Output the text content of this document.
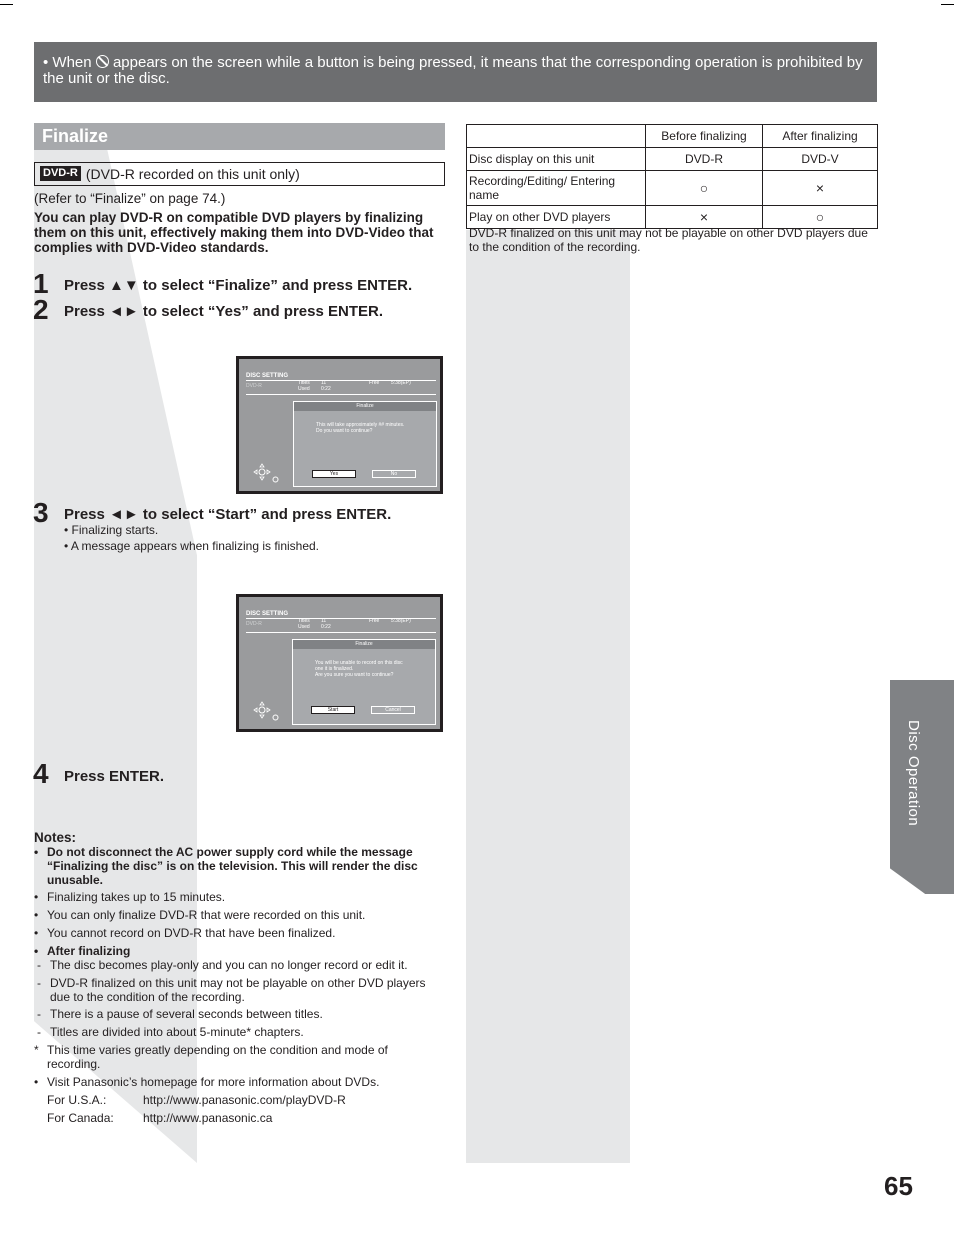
• When  appears on the screen while a button is being pressed, it means that the corresponding operation is prohibited by the unit or the disc.
Finalize
DVD-R (DVD-R recorded on this unit only)
(Refer to “Finalize” on page 74.)
You can play DVD-R on compatible DVD players by finalizing them on this unit, effectively making them into DVD-Video that complies with DVD-Video standards.
1 Press ▲▼ to select “Finalize” and press ENTER.
2 Press ◄► to select “Yes” and press ENTER.
DISC SETTING
DVD-R	Titles 11
Used 0:22
Free 5:38(EP)
Finalize
This will take approximately ## minutes.
Do you want to continue?
Yes	No
3 Press ◄► to select “Start” and press ENTER.
• Finalizing starts.
• A message appears when finalizing is finished.
DISC SETTING
DVD-R	Titles 11
Used 0:22
Free 5:38(EP)
Finalize
You will be unable to record on this disc
one it is finalized.
Are you sure you want to continue?
Start	Cancel
4 Press ENTER.
Notes:
• Do not disconnect the AC power supply cord while the message “Finalizing the disc” is on the television. This will render the disc unusable.
• Finalizing takes up to 15 minutes.
• You can only finalize DVD-R that were recorded on this unit.
• You cannot record on DVD-R that have been finalized.
• After finalizing
- The disc becomes play-only and you can no longer record or edit it.
- DVD-R finalized on this unit may not be playable on other DVD players due to the condition of the recording.
- There is a pause of several seconds between titles.
- Titles are divided into about 5-minute* chapters.
* This time varies greatly depending on the condition and mode of recording.
• Visit Panasonic’s homepage for more information about DVDs.
For U.S.A.:	http://www.panasonic.com/playDVD-R
For Canada: http://www.panasonic.ca
	Before finalizing	After finalizing
Disc display on this unit	DVD-R	DVD-V
Recording/Editing/ Entering name	○	×
Play on other DVD players	×	○
DVD-R finalized on this unit may not be playable on other DVD players due to the condition of the recording.
Disc Operation
65
